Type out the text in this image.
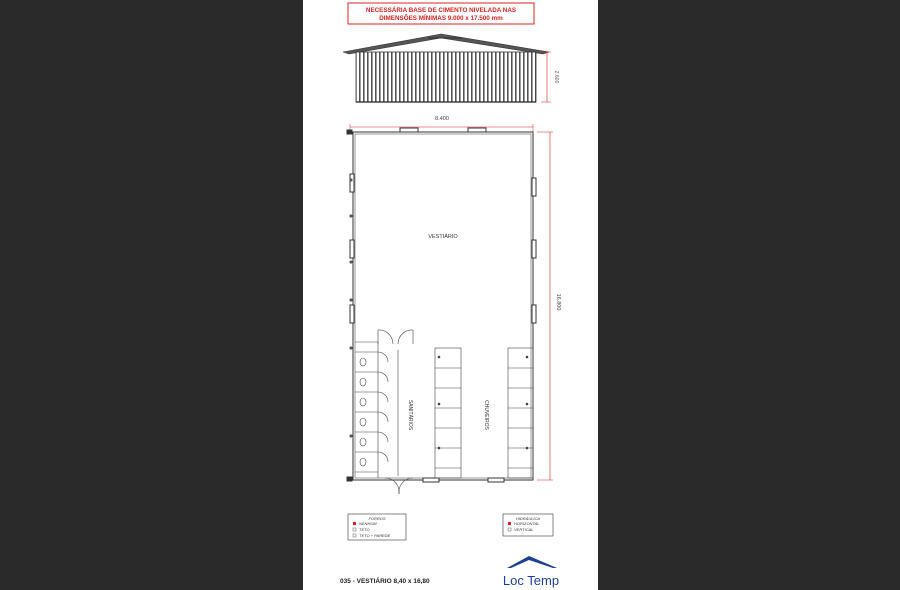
NECESSÁRIA BASE DE CIMENTO NIVELADA NAS
DIMENSÕES MÍNIMAS 9.000 x 17.500 mm
2.600
8.400
16.800
SANITÁRIOS	CHUVEIROS
VESTIÁRIO
FORROS
NENHUM
TETO
TETO + PAREDE
HIDRÁULICA
HORIZONTAL
VERTICAL
035 - VESTIÁRIO 8,40 x 16,80	Loc Temp
